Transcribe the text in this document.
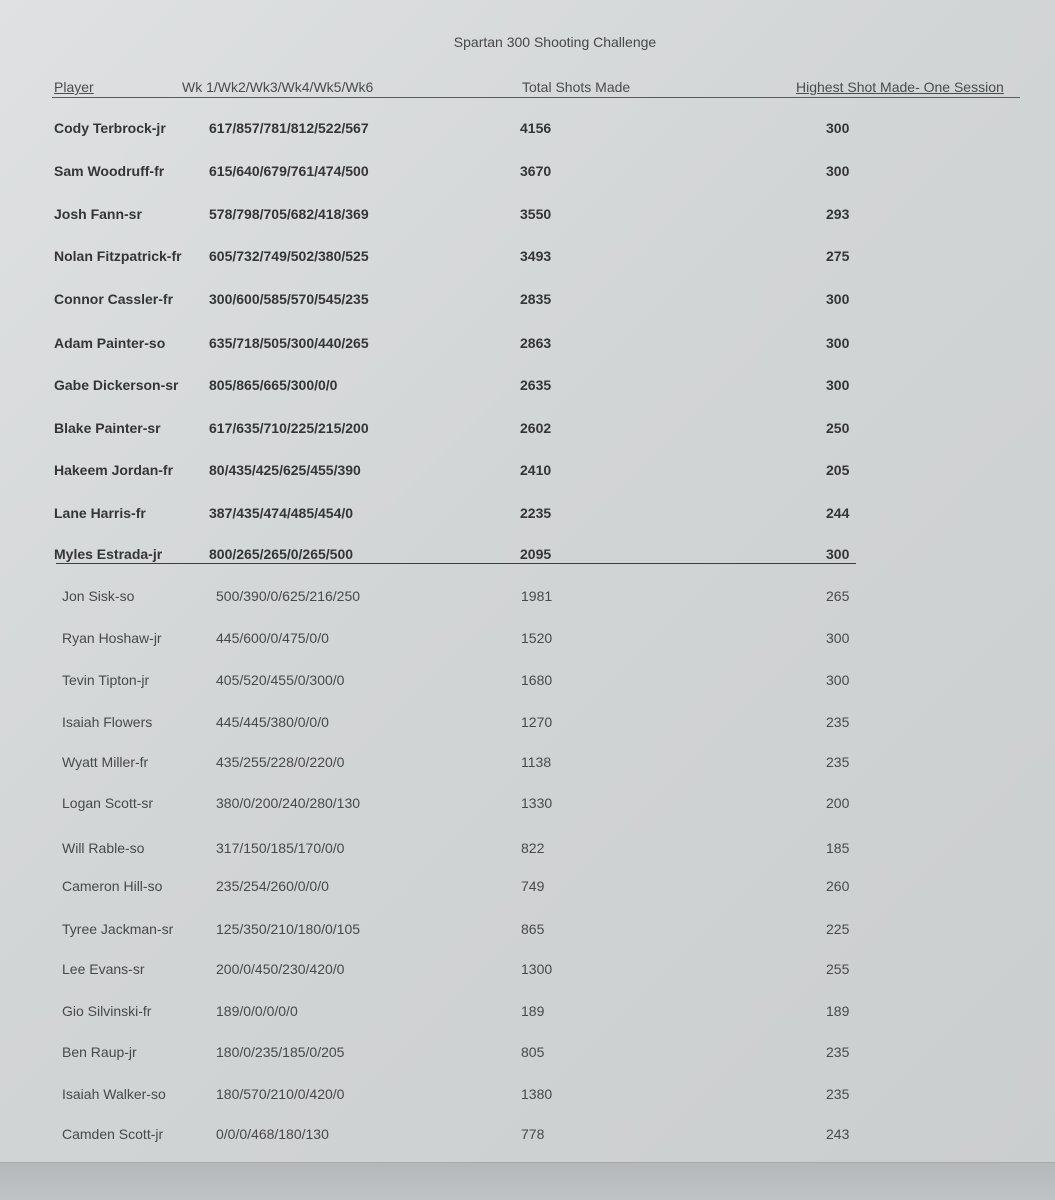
Spartan 300 Shooting Challenge
Player	Wk 1/Wk2/Wk3/Wk4/Wk5/Wk6	Total Shots Made	Highest Shot Made- One Session
Cody Terbrock-jr	617/857/781/812/522/567	4156	300
Sam Woodruff-fr	615/640/679/761/474/500	3670	300
Josh Fann-sr	578/798/705/682/418/369	3550	293
Nolan Fitzpatrick-fr 605/732/749/502/380/525	3493	275
Connor Cassler-fr	300/600/585/570/545/235	2835	300
Adam Painter-so	635/718/505/300/440/265	2863	300
Gabe Dickerson-sr 805/865/665/300/0/0	2635	300
Blake Painter-sr	617/635/710/225/215/200	2602	250
Hakeem Jordan-fr	80/435/425/625/455/390	2410	205
Lane Harris-fr	387/435/474/485/454/0	2235	244
Myles Estrada-jr	800/265/265/0/265/500	2095	300
Jon Sisk-so	500/390/0/625/216/250	1981	265
Ryan Hoshaw-jr	445/600/0/475/0/0	1520	300
Tevin Tipton-jr	405/520/455/0/300/0	1680	300
Isaiah Flowers	445/445/380/0/0/0	1270	235
Wyatt Miller-fr	435/255/228/0/220/0	1138	235
Logan Scott-sr	380/0/200/240/280/130	1330	200
Will Rable-so	317/150/185/170/0/0	822	185
Cameron Hill-so	235/254/260/0/0/0	749	260
Tyree Jackman-sr	125/350/210/180/0/105	865	225
Lee Evans-sr	200/0/450/230/420/0	1300	255
Gio Silvinski-fr	189/0/0/0/0/0	189	189
Ben Raup-jr	180/0/235/185/0/205	805	235
Isaiah Walker-so	180/570/210/0/420/0	1380	235
Camden Scott-jr	0/0/0/468/180/130	778	243
